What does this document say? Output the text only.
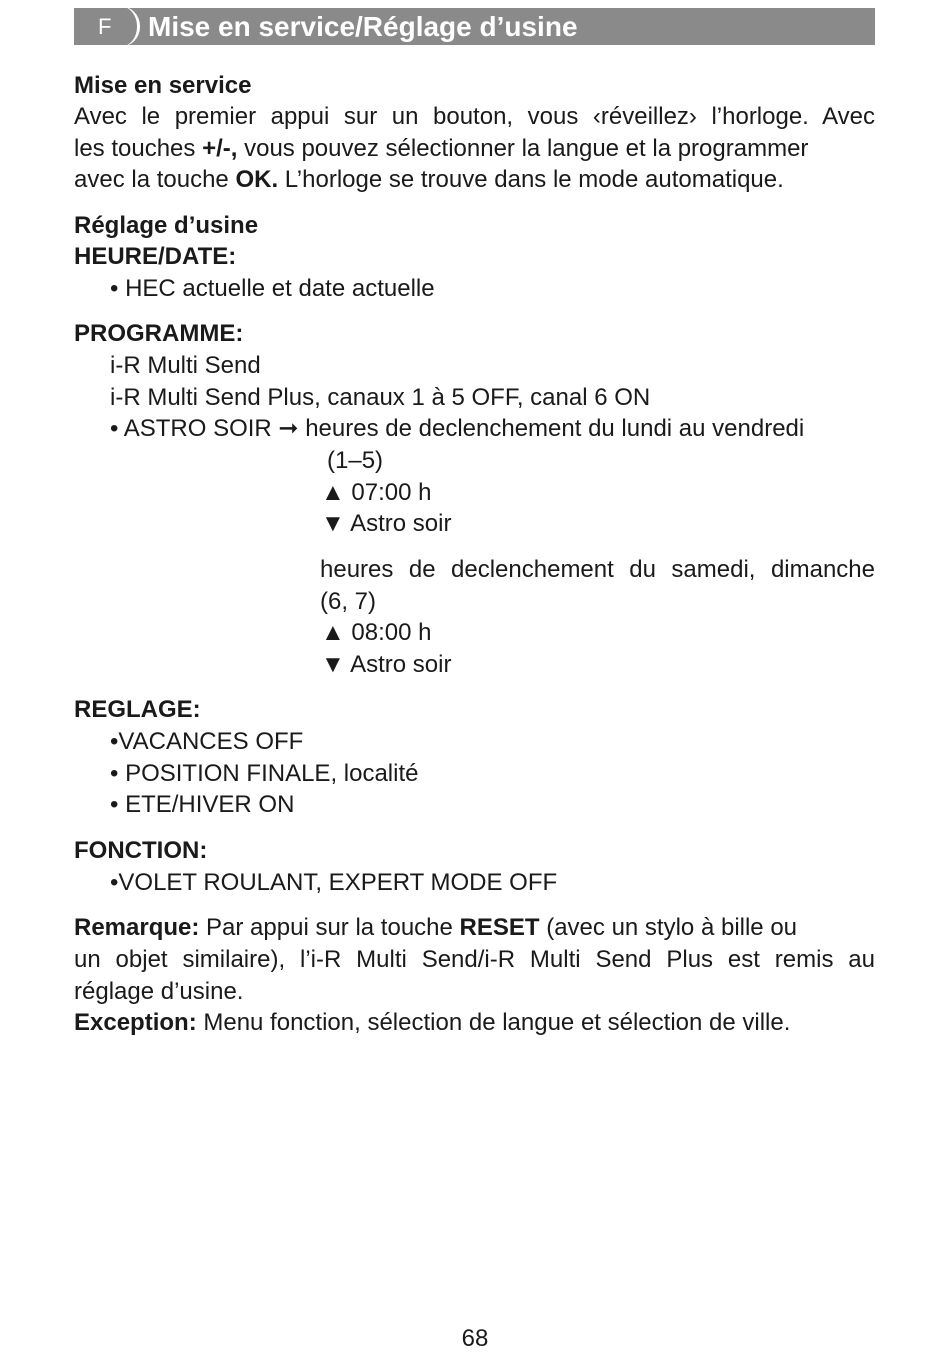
F	Mise en service/Réglage d’usine
Mise en service
Avec le premier appui sur un bouton, vous ‹réveillez› l’horloge. Avec
les touches +/-, vous pouvez sélectionner la langue et la programmer
avec la touche OK. L’horloge se trouve dans le mode automatique.
Réglage d’usine
HEURE/DATE:
• HEC actuelle et date actuelle
PROGRAMME:
i-R Multi Send
i-R Multi Send Plus, canaux 1 à 5 OFF, canal 6 ON
• ASTRO SOIR ➞ heures de declenchement du lundi au vendredi
(1–5)
▲ 07:00 h
▼ Astro soir
heures de declenchement du samedi, dimanche
(6, 7)
▲ 08:00 h
▼ Astro soir
REGLAGE:
•VACANCES OFF
• POSITION FINALE, localité
• ETE/HIVER ON
FONCTION:
•VOLET ROULANT, EXPERT MODE OFF
Remarque: Par appui sur la touche RESET (avec un stylo à bille ou
un objet similaire), l’i-R Multi Send/i-R Multi Send Plus est remis au
réglage d’usine.
Exception: Menu fonction, sélection de langue et sélection de ville.
68
